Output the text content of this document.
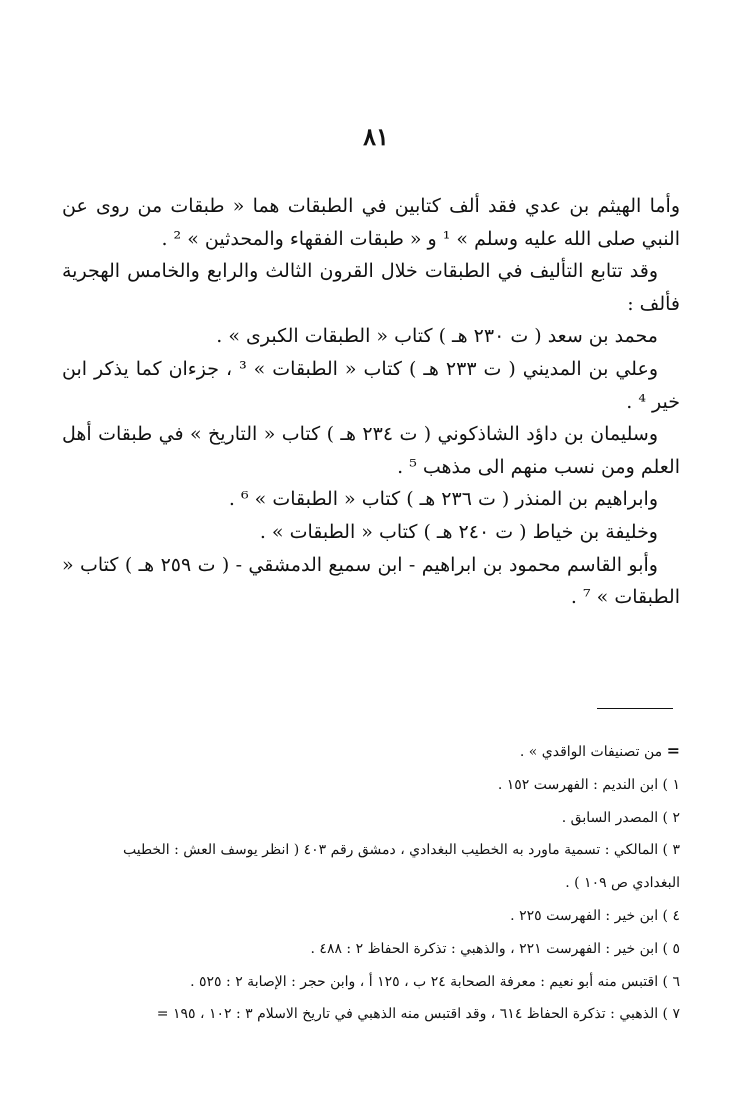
٨١

وأما الهيثم بن عدي فقد ألف كتابين في الطبقات هما « طبقات من روى عن النبي صلى الله عليه وسلم » ¹ و « طبقات الفقهاء والمحدثين » ² .

وقد تتابع التأليف في الطبقات خلال القرون الثالث والرابع والخامس الهجرية فألف :

محمد بن سعد ( ت ٢٣٠ هـ ) كتاب « الطبقات الكبرى » .

وعلي بن المديني ( ت ٢٣٣ هـ ) كتاب « الطبقات » ³ ، جزءان كما يذكر ابن خير ⁴ .

وسليمان بن داؤد الشاذكوني ( ت ٢٣٤ هـ ) كتاب « التاريخ » في طبقات أهل العلم ومن نسب منهم الى مذهب ⁵ .

وابراهيم بن المنذر ( ت ٢٣٦ هـ ) كتاب « الطبقات » ⁶ .

وخليفة بن خياط ( ت ٢٤٠ هـ ) كتاب « الطبقات » .

وأبو القاسم محمود بن ابراهيم - ابن سميع الدمشقي - ( ت ٢٥٩ هـ ) كتاب « الطبقات » ⁷ .

= من تصنيفات الواقدي » .
١ ) ابن النديم : الفهرست ١٥٢ .
٢ ) المصدر السابق .
٣ ) المالكي : تسمية ماورد به الخطيب البغدادي ، دمشق رقم ٤٠٣ ( انظر يوسف العش : الخطيب البغدادي ص ١٠٩ ) .
٤ ) ابن خير : الفهرست ٢٢٥ .
٥ ) ابن خير : الفهرست ٢٢١ ، والذهبي : تذكرة الحفاظ ٢ : ٤٨٨ .
٦ ) اقتبس منه أبو نعيم : معرفة الصحابة ٢٤ ب ، ١٢٥ أ ، وابن حجر : الإصابة ٢ : ٥٢٥ .
٧ ) الذهبي : تذكرة الحفاظ ٦١٤ ، وقد اقتبس منه الذهبي في تاريخ الاسلام ٣ : ١٠٢ ، ١٩٥ =
